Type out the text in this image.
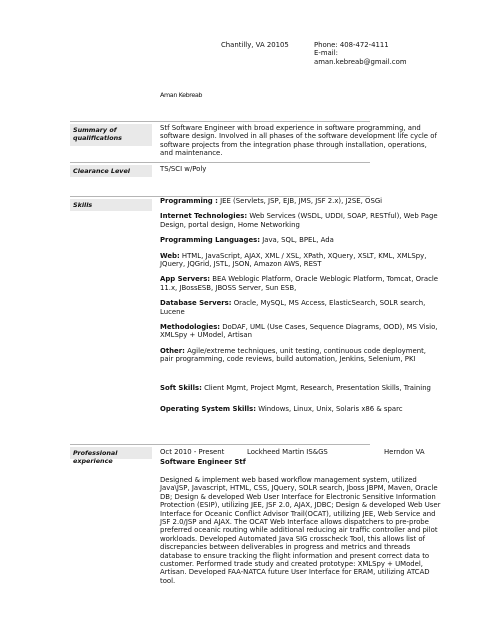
Chantilly, VA 20105	Phone: 408-472-4111
E-mail:
aman.kebreab@gmail.com
Aman Kebreab
Summary of qualifications
Stf Software Engineer with broad experience in software programming, and software design. Involved in all phases of the software development life cycle of software projects from the integration phase through installation, operations, and maintenance.
Clearance Level	TS/SCI w/Poly
Skills	Programming : JEE (Servlets, JSP, EJB, JMS, JSF 2.x), J2SE, OSGi
Internet Technologies: Web Services (WSDL, UDDI, SOAP, RESTful), Web Page Design, portal design, Home Networking
Programming Languages: Java, SQL, BPEL, Ada
Web: HTML, JavaScript, AJAX, XML / XSL, XPath, XQuery, XSLT, KML, XMLSpy, JQuery, JQGrid, JSTL, JSON, Amazon AWS, REST
App Servers: BEA Weblogic Platform, Oracle Weblogic Platform, Tomcat, Oracle 11.x, JBossESB, JBOSS Server, Sun ESB,
Database Servers: Oracle, MySQL, MS Access, ElasticSearch, SOLR search, Lucene
Methodologies: DoDAF, UML (Use Cases, Sequence Diagrams, OOD), MS Visio, XMLSpy + UModel, Artisan
Other: Agile/extreme techniques, unit testing, continuous code deployment, pair programming, code reviews, build automation, Jenkins, Selenium, PKI
Soft Skills: Client Mgmt, Project Mgmt, Research, Presentation Skills, Training
Operating System Skills: Windows, Linux, Unix, Solaris x86 & sparc
Professional experience
Oct 2010 - Present	Lockheed Martin IS&GS	Herndon VA
Software Engineer Stf
Designed & implement web based workflow management system, utilized Java\JSP, Javascript, HTML, CSS, JQuery, SOLR search, Jboss JBPM, Maven, Oracle DB; Design & developed Web User Interface for Electronic Sensitive Information Protection (ESIP), utilizing JEE, JSF 2.0, AJAX, JDBC; Design & developed Web User Interface for Oceanic Conflict Advisor Trail(OCAT), utilizing JEE, Web Service and JSF 2.0/JSP and AJAX. The OCAT Web Interface allows dispatchers to pre-probe preferred oceanic routing while additional reducing air traffic controller and pilot workloads. Developed Automated Java SIG crosscheck Tool, this allows list of discrepancies between deliverables in progress and metrics and threads database to ensure tracking the flight information and present correct data to customer. Performed trade study and created prototype: XMLSpy + UModel, Artisan. Developed FAA-NATCA future User Interface for ERAM, utilizing ATCAD tool.
